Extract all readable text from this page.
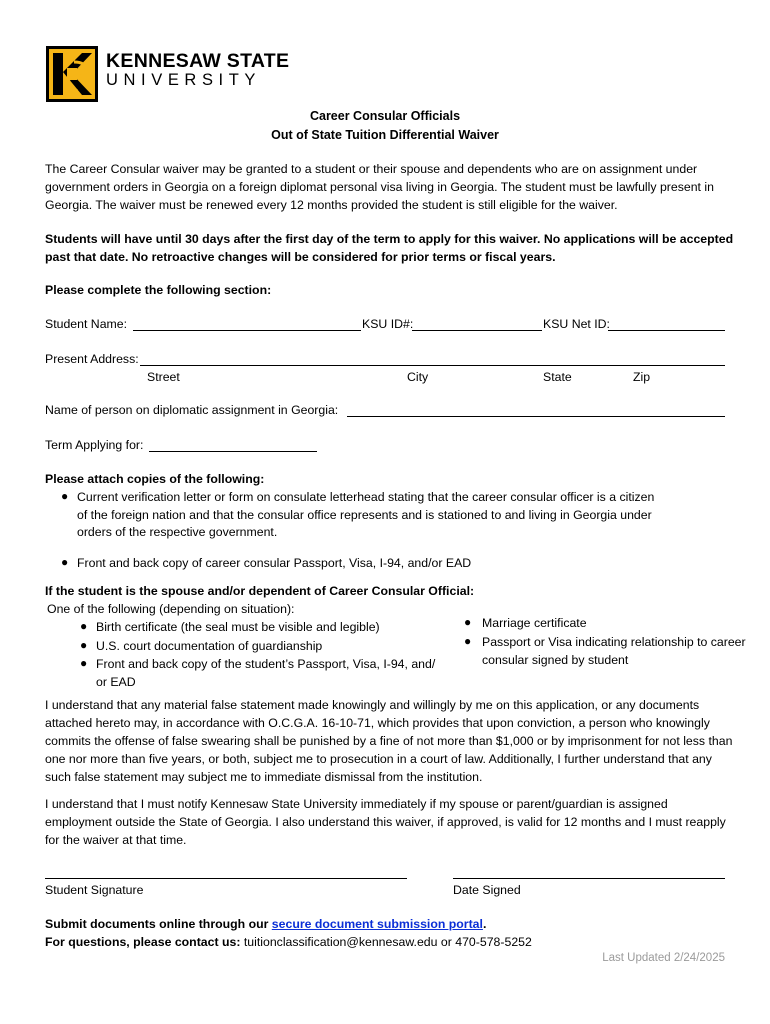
KENNESAW STATE
UNIVERSITY
Career Consular Officials
Out of State Tuition Differential Waiver
The Career Consular waiver may be granted to a student or their spouse and dependents who are on assignment under government orders in Georgia on a foreign diplomat personal visa living in Georgia. The student must be lawfully present in Georgia. The waiver must be renewed every 12 months provided the student is still eligible for the waiver.
Students will have until 30 days after the first day of the term to apply for this waiver. No applications will be accepted past that date. No retroactive changes will be considered for prior terms or fiscal years.
Please complete the following section:
Student Name:	KSU ID#:	KSU Net ID:
Present Address:
Street	City	State	Zip
Name of person on diplomatic assignment in Georgia:
Term Applying for:
Please attach copies of the following:
● Current verification letter or form on consulate letterhead stating that the career consular officer is a citizen
of the foreign nation and that the consular office represents and is stationed to and living in Georgia under
orders of the respective government.
● Front and back copy of career consular Passport, Visa, I-94, and/or EAD
If the student is the spouse and/or dependent of Career Consular Official:
One of the following (depending on situation):
● Birth certificate (the seal must be visible and legible)
● U.S. court documentation of guardianship
● Front and back copy of the student’s Passport, Visa, I-94, and/
or EAD
● Marriage certificate
● Passport or Visa indicating relationship to career
consular signed by student
I understand that any material false statement made knowingly and willingly by me on this application, or any documents attached hereto may, in accordance with O.C.G.A. 16-10-71, which provides that upon conviction, a person who knowingly commits the offense of false swearing shall be punished by a fine of not more than $1,000 or by imprisonment for not less than one nor more than five years, or both, subject me to prosecution in a court of law. Additionally, I further understand that any such false statement may subject me to immediate dismissal from the institution.
I understand that I must notify Kennesaw State University immediately if my spouse or parent/guardian is assigned employment outside the State of Georgia. I also understand this waiver, if approved, is valid for 12 months and I must reapply for the waiver at that time.
Student Signature	Date Signed
Submit documents online through our secure document submission portal.
For questions, please contact us: tuitionclassification@kennesaw.edu or 470-578-5252
Last Updated 2/24/2025
